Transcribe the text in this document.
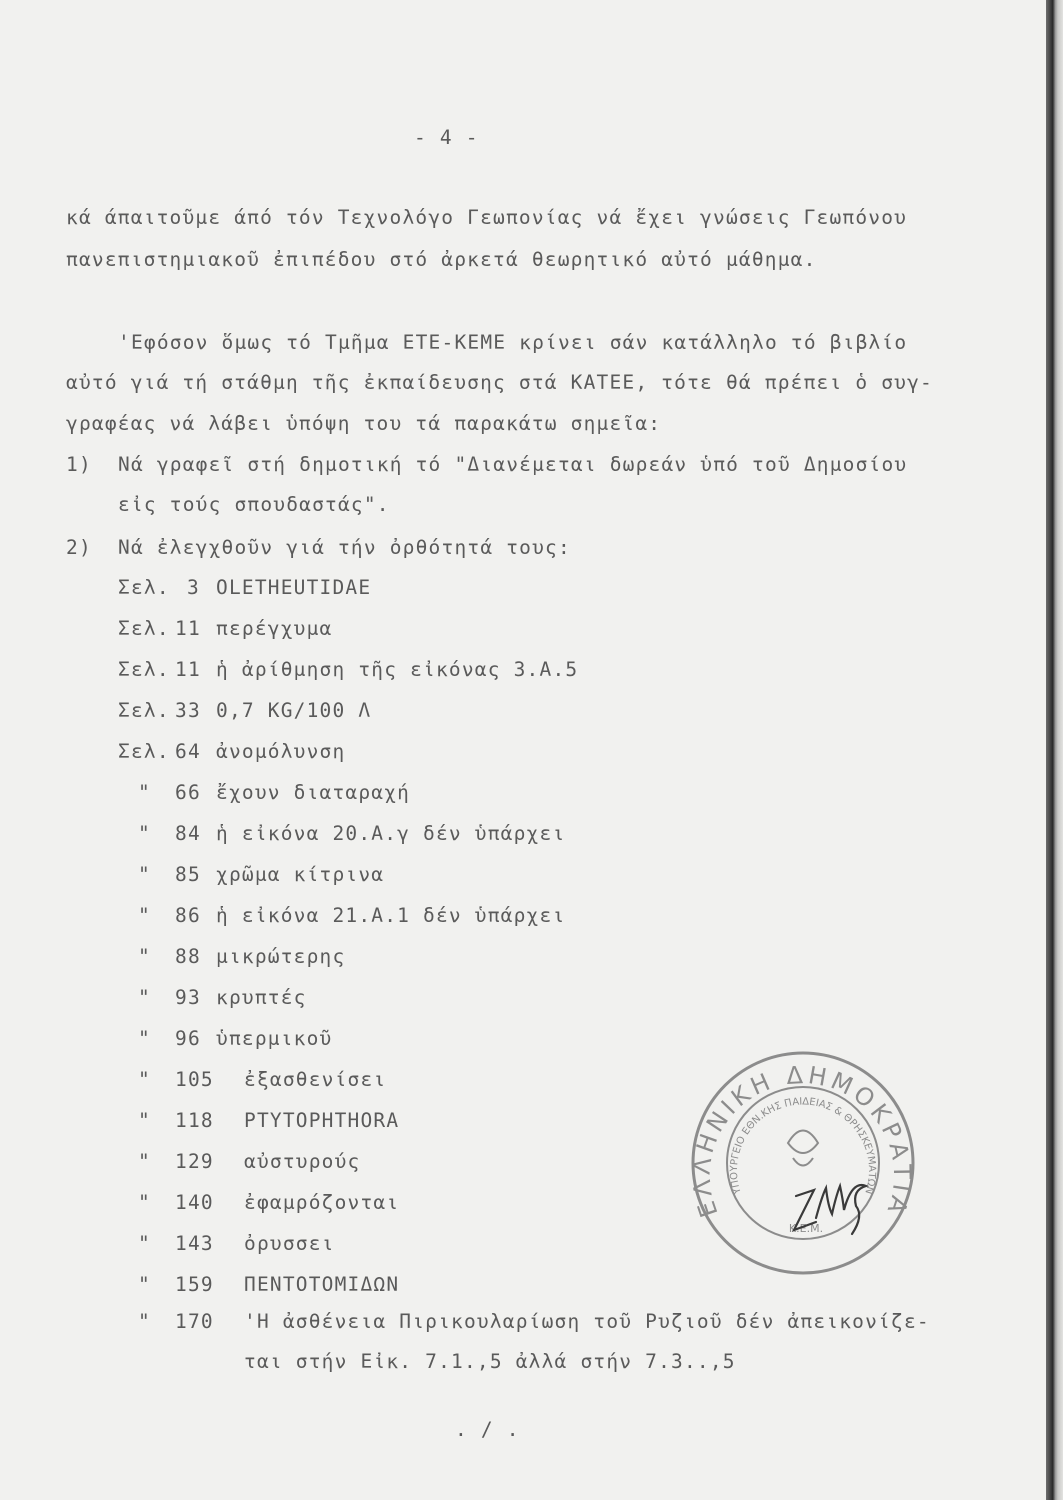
- 4 -
κά άπαιτοῦμε άπό τόν Τεχνολόγο Γεωπονίας νά ἔχει γνώσεις Γεωπόνου
πανεπιστημιακοῦ ἐπιπέδου στό ἀρκετά θεωρητικό αὐτό μάθημα.
'Εφόσον ὅμως τό Τμῆμα ΕΤΕ-ΚΕΜΕ κρίνει σάν κατάλληλο τό βιβλίο
αὐτό γιά τή στάθμη τῆς ἐκπαίδευσης στά ΚΑΤΕΕ, τότε θά πρέπει ὁ συγ-
γραφέας νά λάβει ὑπόψη του τά παρακάτω σημεῖα:
1) Νά γραφεῖ στή δημοτική τό "Διανέμεται δωρεάν ὑπό τοῦ Δημοσίου
εἰς τούς σπουδαστάς".
2) Νά ἐλεγχθοῦν γιά τήν ὀρθότητά τους:
Σελ. 3 OLETHEUTIDAE
Σελ. 11 περέγχυμα
Σελ. 11 ἡ ἀρίθμηση τῆς εἰκόνας 3.Α.5
Σελ. 33 0,7 KG/100 Λ
Σελ. 64 ἀνομόλυνση
" 66 ἔχουν διαταραχή
" 84 ἡ εἰκόνα 20.Α.γ δέν ὑπάρχει
" 85 χρῶμα κίτρινα
" 86 ἡ εἰκόνα 21.Α.1 δέν ὑπάρχει
" 88 μικρώτερης
" 93 κρυπτές
" 96 ὑπερμικοῦ
" 105 ἐξασθενίσει
" 118 PTYTOPHTHORA
" 129 αὐστυρούς
" 140 ἐφαμρόζονται
" 143 ὀρυσσει
" 159 ΠΕΝΤΟΤΟΜΙΔΩΝ
" 170 'Η ἀσθένεια Πιρικουλαρίωση τοῦ Ρυζιοῦ δέν ἀπεικονίζε-
ται στήν Εἰκ. 7.1.,5 ἀλλά στήν 7.3..,5
. / .
ΕΛΛΗΝΙΚΗ ΔΗΜΟΚΡΑΤΙΑ
ΥΠΟΥΡΓΕΙΟ ΕΘΝ.ΚΗΣ ΠΑΙΔΕΙΑΣ & ΘΡΗΣΚΕΥΜΑΤΩΝ
Κ.Ε.Μ.
